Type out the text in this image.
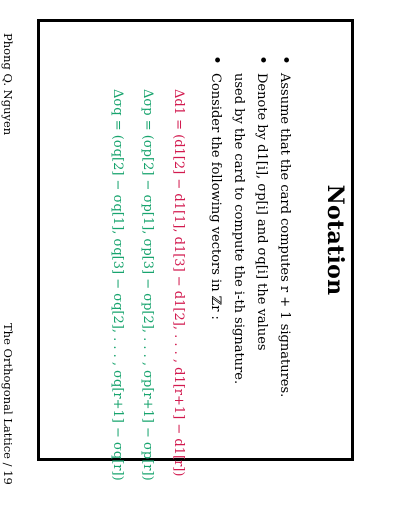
Phong Q. Nguyen
The Orthogonal Lattice / 19
Notation
• Assume that the card computes r + 1 signatures.
• Denote by d1[i], σp[i] and σq[i] the values
used by the card to compute the i-th signature.
• Consider the following vectors in ℤr :
Δd1 = (d1[2] − d1[1], d1[3] − d1[2], . . . , d1[r+1] − d1[r])
Δσp = (σp[2] − σp[1], σp[3] − σp[2], . . . , σp[r+1] − σp[r])
Δσq = (σq[2] − σq[1], σq[3] − σq[2], . . . , σq[r+1] − σq[r])
